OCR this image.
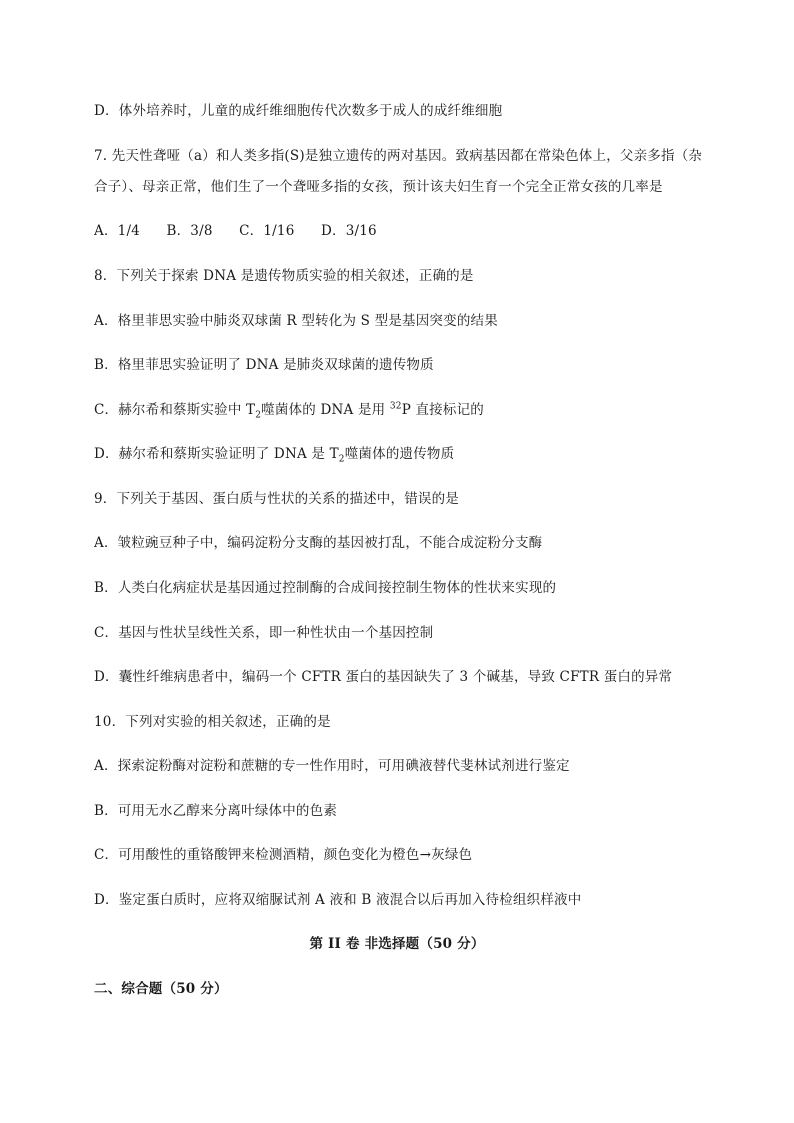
D．体外培养时，儿童的成纤维细胞传代次数多于成人的成纤维细胞
7. 先天性聋哑（a）和人类多指(S)是独立遗传的两对基因。致病基因都在常染色体上，父亲多指（杂
合子）、母亲正常，他们生了一个聋哑多指的女孩，预计该夫妇生育一个完全正常女孩的几率是
A．1/4 B．3/8 C．1/16 D．3/16
8．下列关于探索 DNA 是遗传物质实验的相关叙述，正确的是
A．格里菲思实验中肺炎双球菌 R 型转化为 S 型是基因突变的结果
B．格里菲思实验证明了 DNA 是肺炎双球菌的遗传物质
C．赫尔希和蔡斯实验中 $T_2$噬菌体的 DNA 是用 $^{32}$P 直接标记的
D．赫尔希和蔡斯实验证明了 DNA 是 $T_2$噬菌体的遗传物质
9．下列关于基因、蛋白质与性状的关系的描述中，错误的是
A．皱粒豌豆种子中，编码淀粉分支酶的基因被打乱，不能合成淀粉分支酶
B．人类白化病症状是基因通过控制酶的合成间接控制生物体的性状来实现的
C．基因与性状呈线性关系，即一种性状由一个基因控制
D．囊性纤维病患者中，编码一个 CFTR 蛋白的基因缺失了 3 个碱基，导致 CFTR 蛋白的异常
10．下列对实验的相关叙述，正确的是
A．探索淀粉酶对淀粉和蔗糖的专一性作用时，可用碘液替代斐林试剂进行鉴定
B．可用无水乙醇来分离叶绿体中的色素
C．可用酸性的重铬酸钾来检测酒精，颜色变化为橙色→灰绿色
D．鉴定蛋白质时，应将双缩脲试剂 A 液和 B 液混合以后再加入待检组织样液中
第 II 卷 非选择题（50 分）
二、综合题（50 分）
